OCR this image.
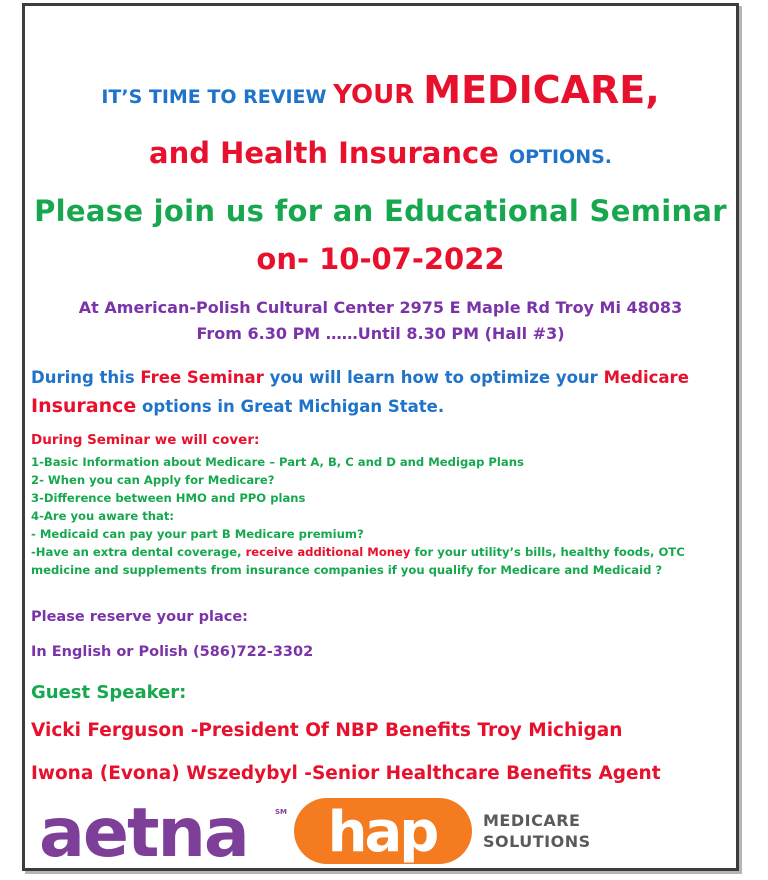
IT’S TIME TO REVIEW YOUR MEDICARE,
and Health Insurance OPTIONS.
Please join us for an Educational Seminar
on- 10-07-2022
At American-Polish Cultural Center 2975 E Maple Rd Troy Mi 48083
From 6.30 PM ……Until 8.30 PM (Hall #3)
During this Free Seminar you will learn how to optimize your Medicare
Insurance options in Great Michigan State.
During Seminar we will cover:
1-Basic Information about Medicare – Part A, B, C and D and Medigap Plans
2- When you can Apply for Medicare?
3-Difference between HMO and PPO plans
4-Are you aware that:
- Medicaid can pay your part B Medicare premium?
-Have an extra dental coverage, receive additional Money for your utility’s bills, healthy foods, OTC
medicine and supplements from insurance companies if you qualify for Medicare and Medicaid ?
Please reserve your place:
In English or Polish (586)722-3302
Guest Speaker:
Vicki Ferguson -President Of NBP Benefits Troy Michigan
Iwona (Evona) Wszedybyl -Senior Healthcare Benefits Agent
aetna	SM hap	MEDICARE
SOLUTIONS
